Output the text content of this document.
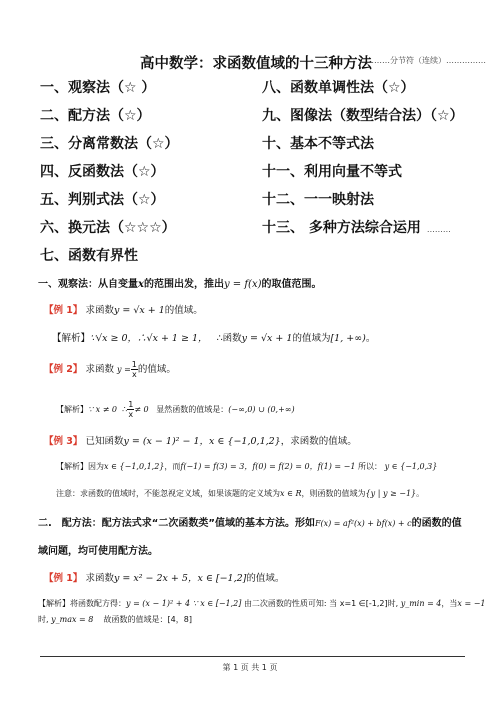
高中数学：求函数值域的十三种方法
………分节符（连续）……………
一、观察法（☆ ）	八、函数单调性法（☆）
二、配方法（☆）	九、图像法（数型结合法）（☆）
三、分离常数法（☆）	十、基本不等式法
四、反函数法（☆）	十一、利用向量不等式
五、判别式法（☆）	十二、一一映射法
六、换元法（☆☆☆）	十三、 多种方法综合运用 ………
七、函数有界性
一、观察法：从自变量x的范围出发，推出y = f(x)的取值范围。
【例 1】 求函数y = √x + 1的值域。
【解析】∵√x ≥ 0，∴√x + 1 ≥ 1， ∴函数y = √x + 1的值域为[1, +∞)。
【例 2】 求函数 $y = \frac{1}{x}$ 的值域。
【解析】∵ x ≠ 0 ∴ $\frac{1}{x} \ne 0$ 显然函数的值域是：(−∞,0) ∪ (0,+∞)
【例 3】 已知函数y = (x − 1)² − 1，x ∈ {−1,0,1,2}，求函数的值域。
【解析】因为x ∈ {−1,0,1,2}，而f(−1) = f(3) = 3，f(0) = f(2) = 0，f(1) = −1 所以： y ∈ {−1,0,3}
注意：求函数的值域时，不能忽视定义域，如果该题的定义域为x ∈ R，则函数的值域为{y | y ≥ −1}。
二.　配方法：配方法式求“二次函数类”值域的基本方法。形如F(x) = af²(x) + bf(x) + c的函数的值
域问题，均可使用配方法。
【例 1】 求函数y = x² − 2x + 5，x ∈ [−1,2]的值域。
【解析】将函数配方得：y = (x − 1)² + 4 ∵ x ∈ [−1,2] 由二次函数的性质可知: 当 x=1 ∈[-1,2]时, y_min = 4，当x = −1
时, y_max = 8 故函数的值域是：[4，8]
第 1 页 共 1 页
